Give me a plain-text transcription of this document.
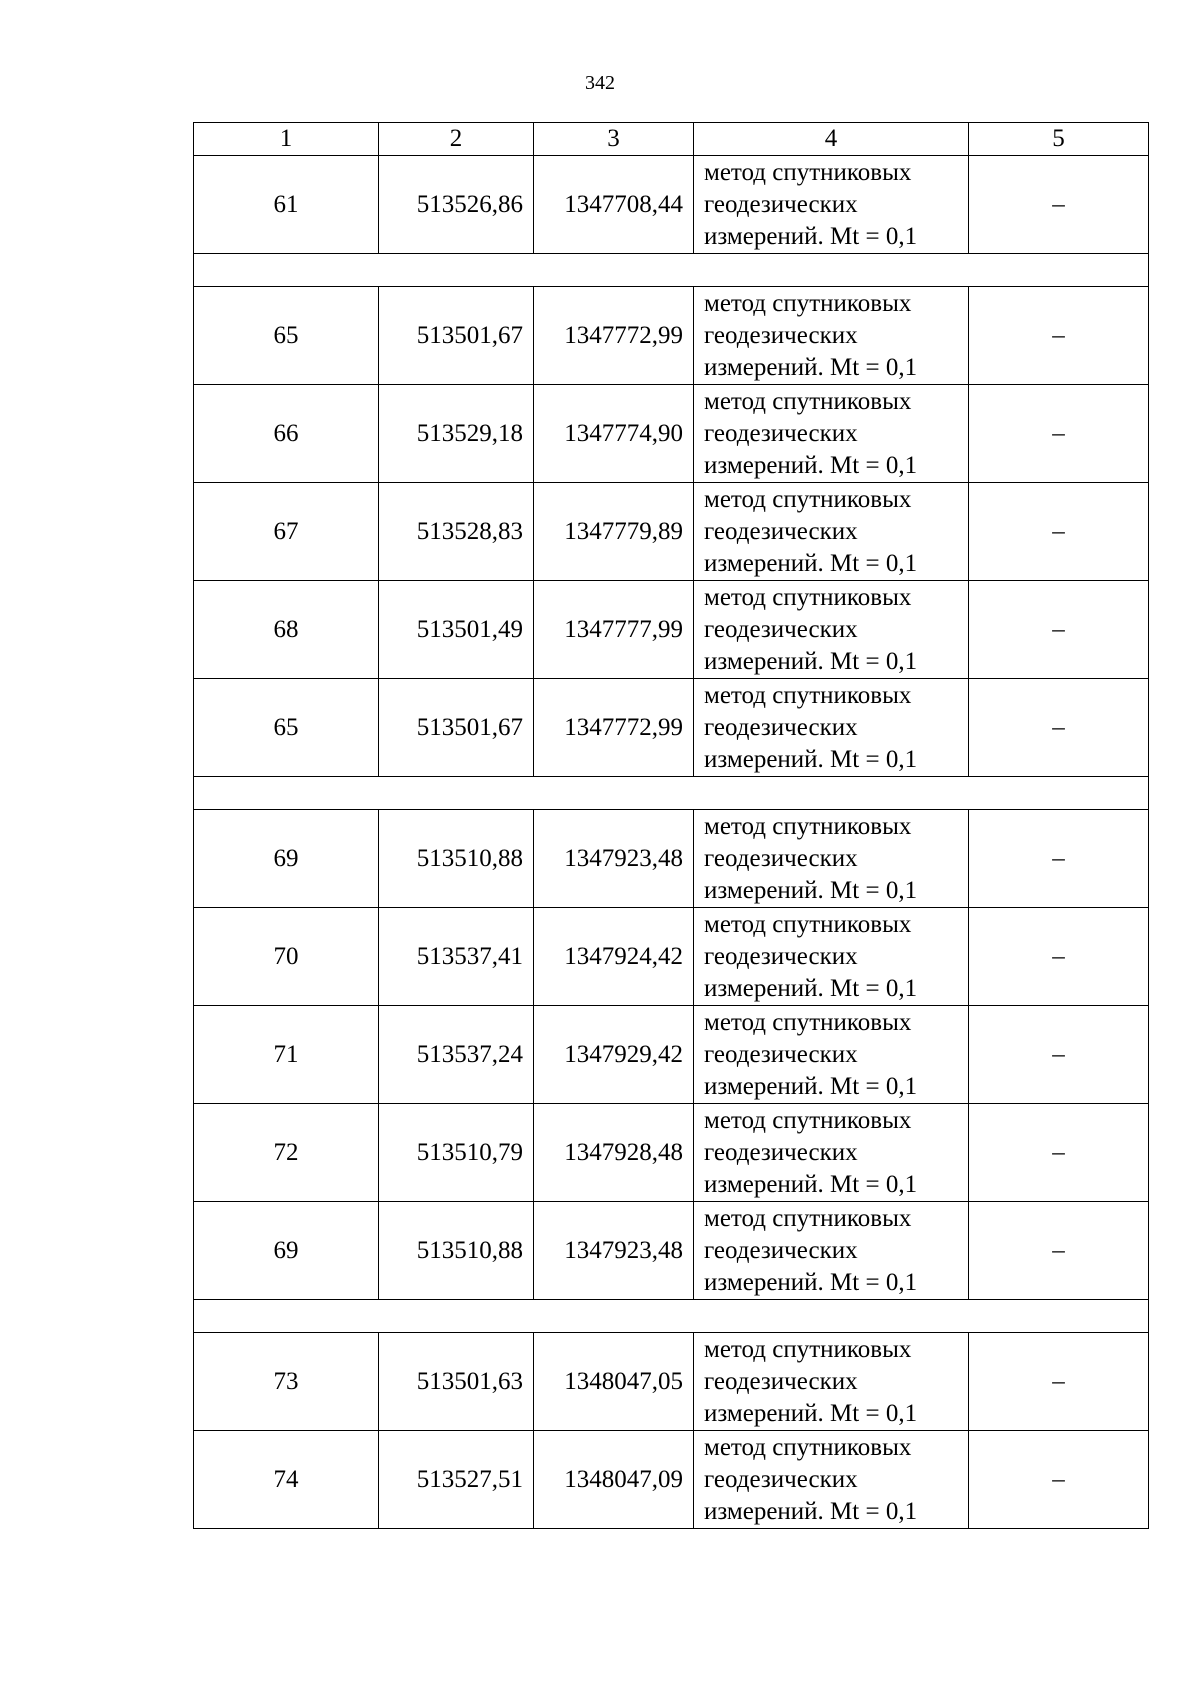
342
1	2	3	4	5
61	513526,86	1347708,44	метод спутниковых
геодезических
измерений. Mt = 0,1	–

65	513501,67	1347772,99	метод спутниковых
геодезических
измерений. Mt = 0,1	–
66	513529,18	1347774,90	метод спутниковых
геодезических
измерений. Mt = 0,1	–
67	513528,83	1347779,89	метод спутниковых
геодезических
измерений. Mt = 0,1	–
68	513501,49	1347777,99	метод спутниковых
геодезических
измерений. Mt = 0,1	–
65	513501,67	1347772,99	метод спутниковых
геодезических
измерений. Mt = 0,1	–

69	513510,88	1347923,48	метод спутниковых
геодезических
измерений. Mt = 0,1	–
70	513537,41	1347924,42	метод спутниковых
геодезических
измерений. Mt = 0,1	–
71	513537,24	1347929,42	метод спутниковых
геодезических
измерений. Mt = 0,1	–
72	513510,79	1347928,48	метод спутниковых
геодезических
измерений. Mt = 0,1	–
69	513510,88	1347923,48	метод спутниковых
геодезических
измерений. Mt = 0,1	–

73	513501,63	1348047,05	метод спутниковых
геодезических
измерений. Mt = 0,1	–
74	513527,51	1348047,09	метод спутниковых
геодезических
измерений. Mt = 0,1	–
